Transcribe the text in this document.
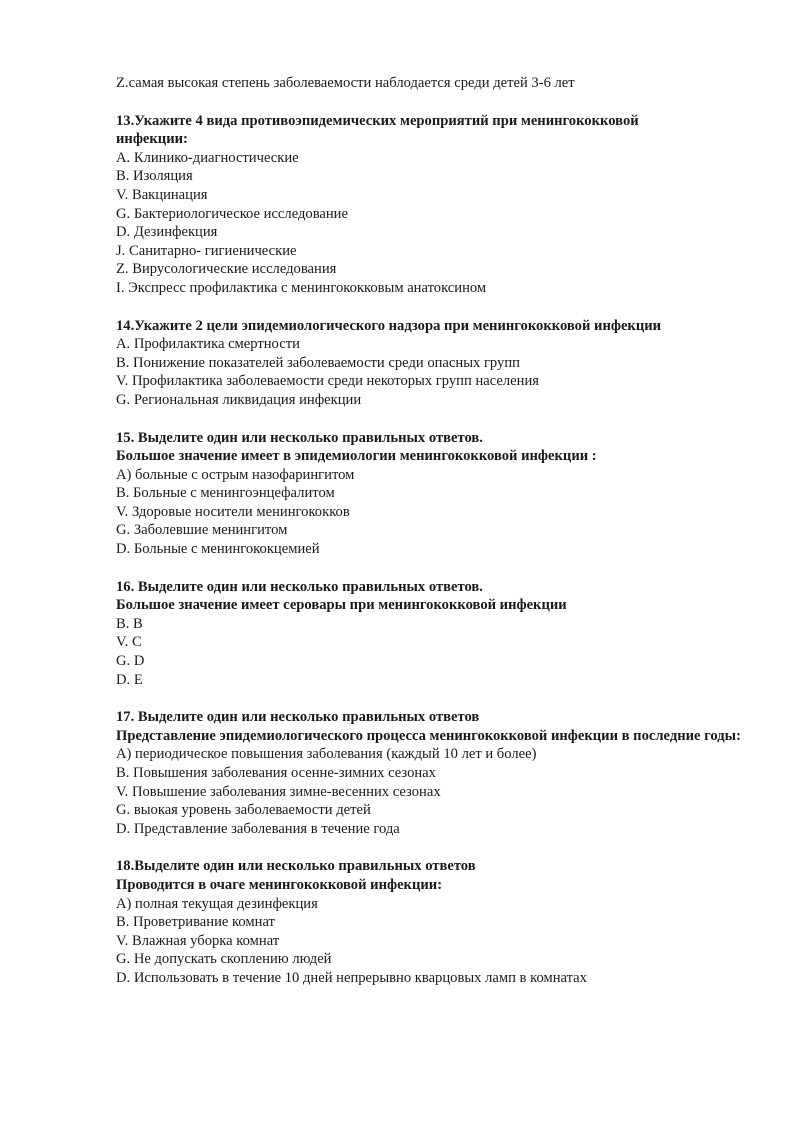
Z.самая высокая степень заболеваемости наблодается среди детей 3-6 лет
13.Укажите 4 вида противоэпидемических мероприятий при менингококковой
инфекции:
A. Клинико-диагностические
B. Изоляция
V. Вакцинация
G. Бактериологическое исследование
D. Дезинфекция
J. Санитарно- гигиенические
Z. Вирусологические исследования
I. Экспресс профилактика с менингококковым анатоксином
14.Укажите 2 цели эпидемиологического надзора при менингококковой инфекции
A. Профилактика смертности
B. Понижение показателей заболеваемости среди опасных групп
V. Профилактика заболеваемости среди некоторых групп населения
G. Региональная ликвидация инфекции
15. Выделите один или несколько правильных ответов.
Большое значение имеет в эпидемиологии менингококковой инфекции :
A) больные с острым назофарингитом
B. Больные с менингоэнцефалитом
V. Здоровые носители менингококков
G. Заболевшие менингитом
D. Больные с менингококцемией
16. Выделите один или несколько правильных ответов.
Большое значение имеет серовары при менингококковой инфекции
B. B
V. C
G. D
D. E
17. Выделите один или несколько правильных ответов
Представление эпидемиологического процесса менингококковой инфекции в последние годы:
A) периодическое повышения заболевания (каждый 10 лет и более)
B. Повышения заболевания осенне-зимних сезонах
V. Повышение заболевания зимне-весенних сезонах
G. выокая уровень заболеваемости детей
D. Представление заболевания в течение года
18.Выделите один или несколько правильных ответов
Проводится в очаге менингококковой инфекции:
A) полная текущая дезинфекция
B. Проветривание комнат
V. Влажная уборка комнат
G. Не допускать скоплению людей
D. Использовать в течение 10 дней непрерывно кварцовых ламп в комнатах
